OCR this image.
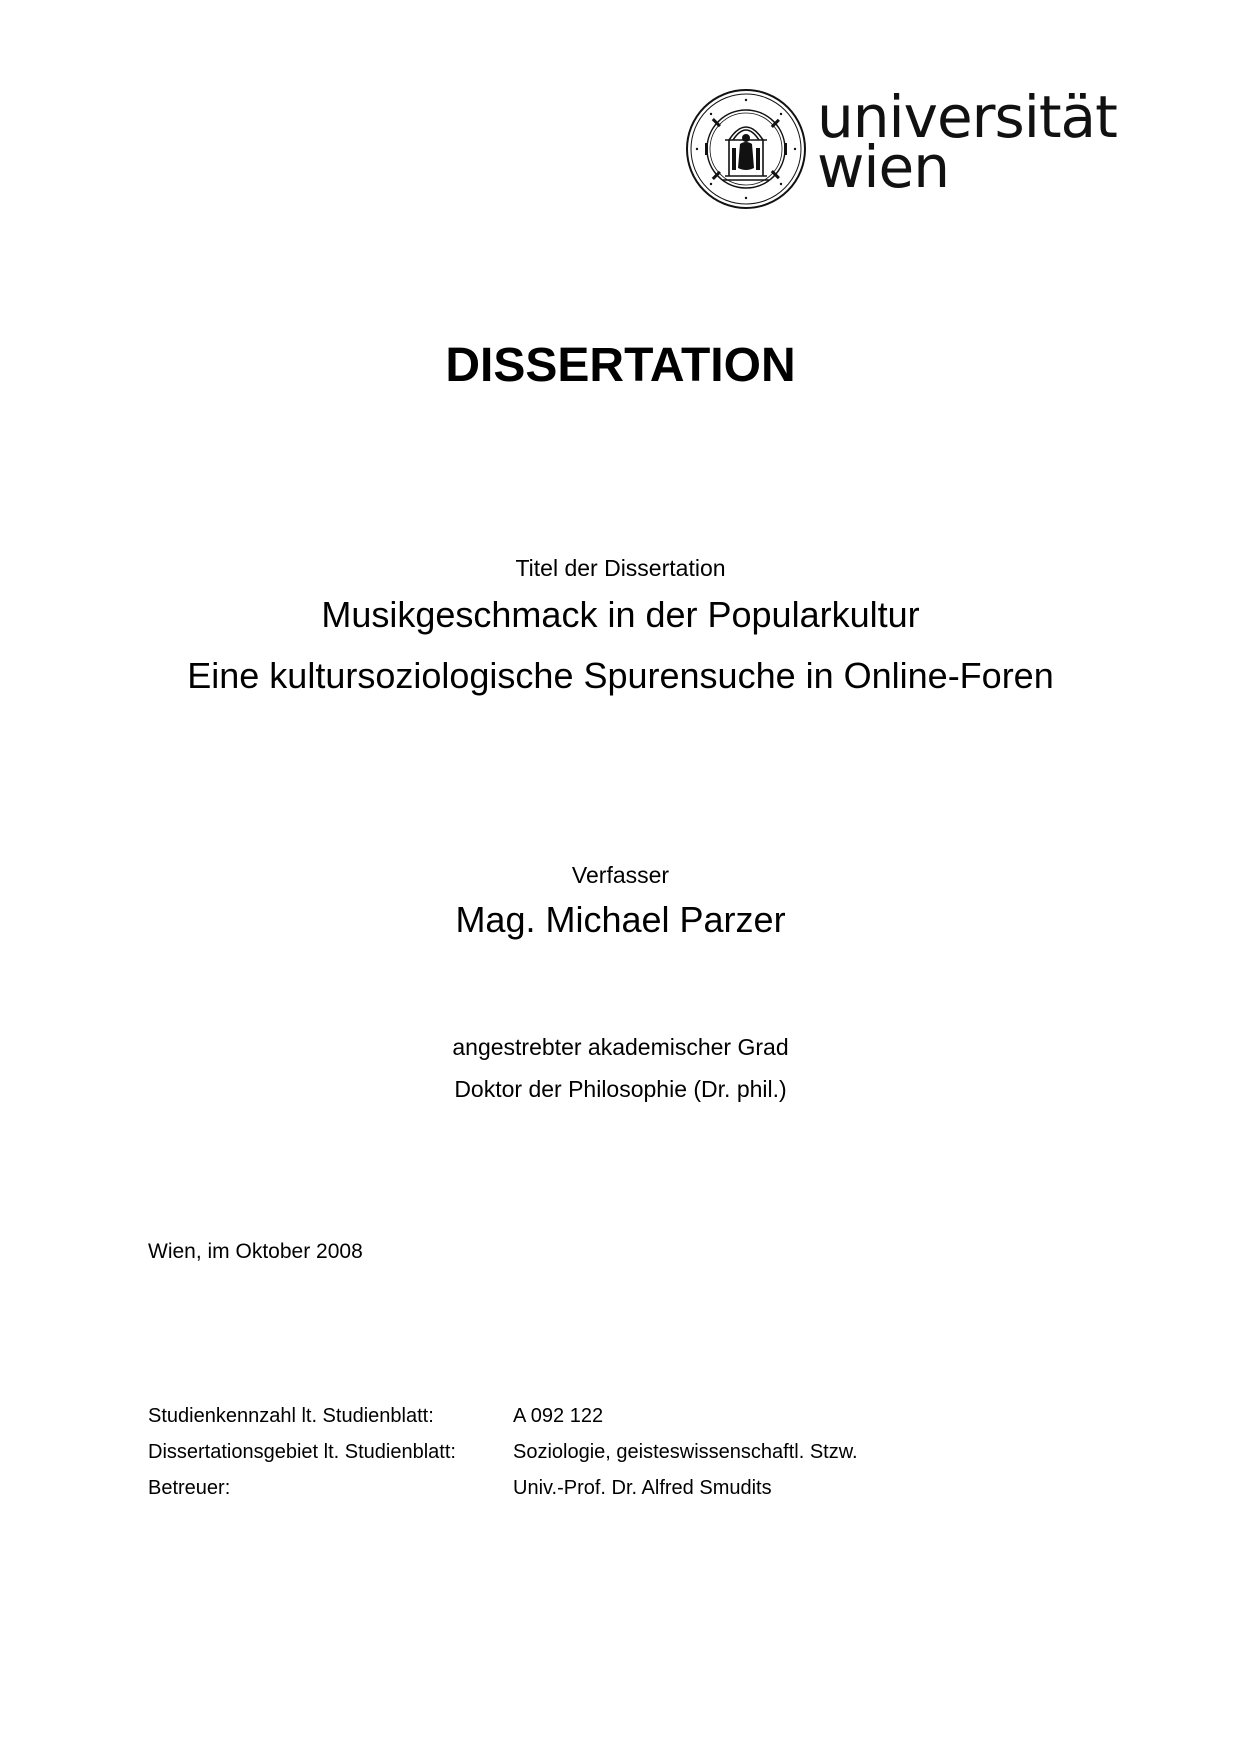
universität
wien
DISSERTATION
Titel der Dissertation
Musikgeschmack in der Popularkultur
Eine kultursoziologische Spurensuche in Online-Foren
Verfasser
Mag. Michael Parzer
angestrebter akademischer Grad
Doktor der Philosophie (Dr. phil.)
Wien, im Oktober 2008
Studienkennzahl lt. Studienblatt:	A 092 122
Dissertationsgebiet lt. Studienblatt:	Soziologie, geisteswissenschaftl. Stzw.
Betreuer:	Univ.-Prof. Dr. Alfred Smudits
